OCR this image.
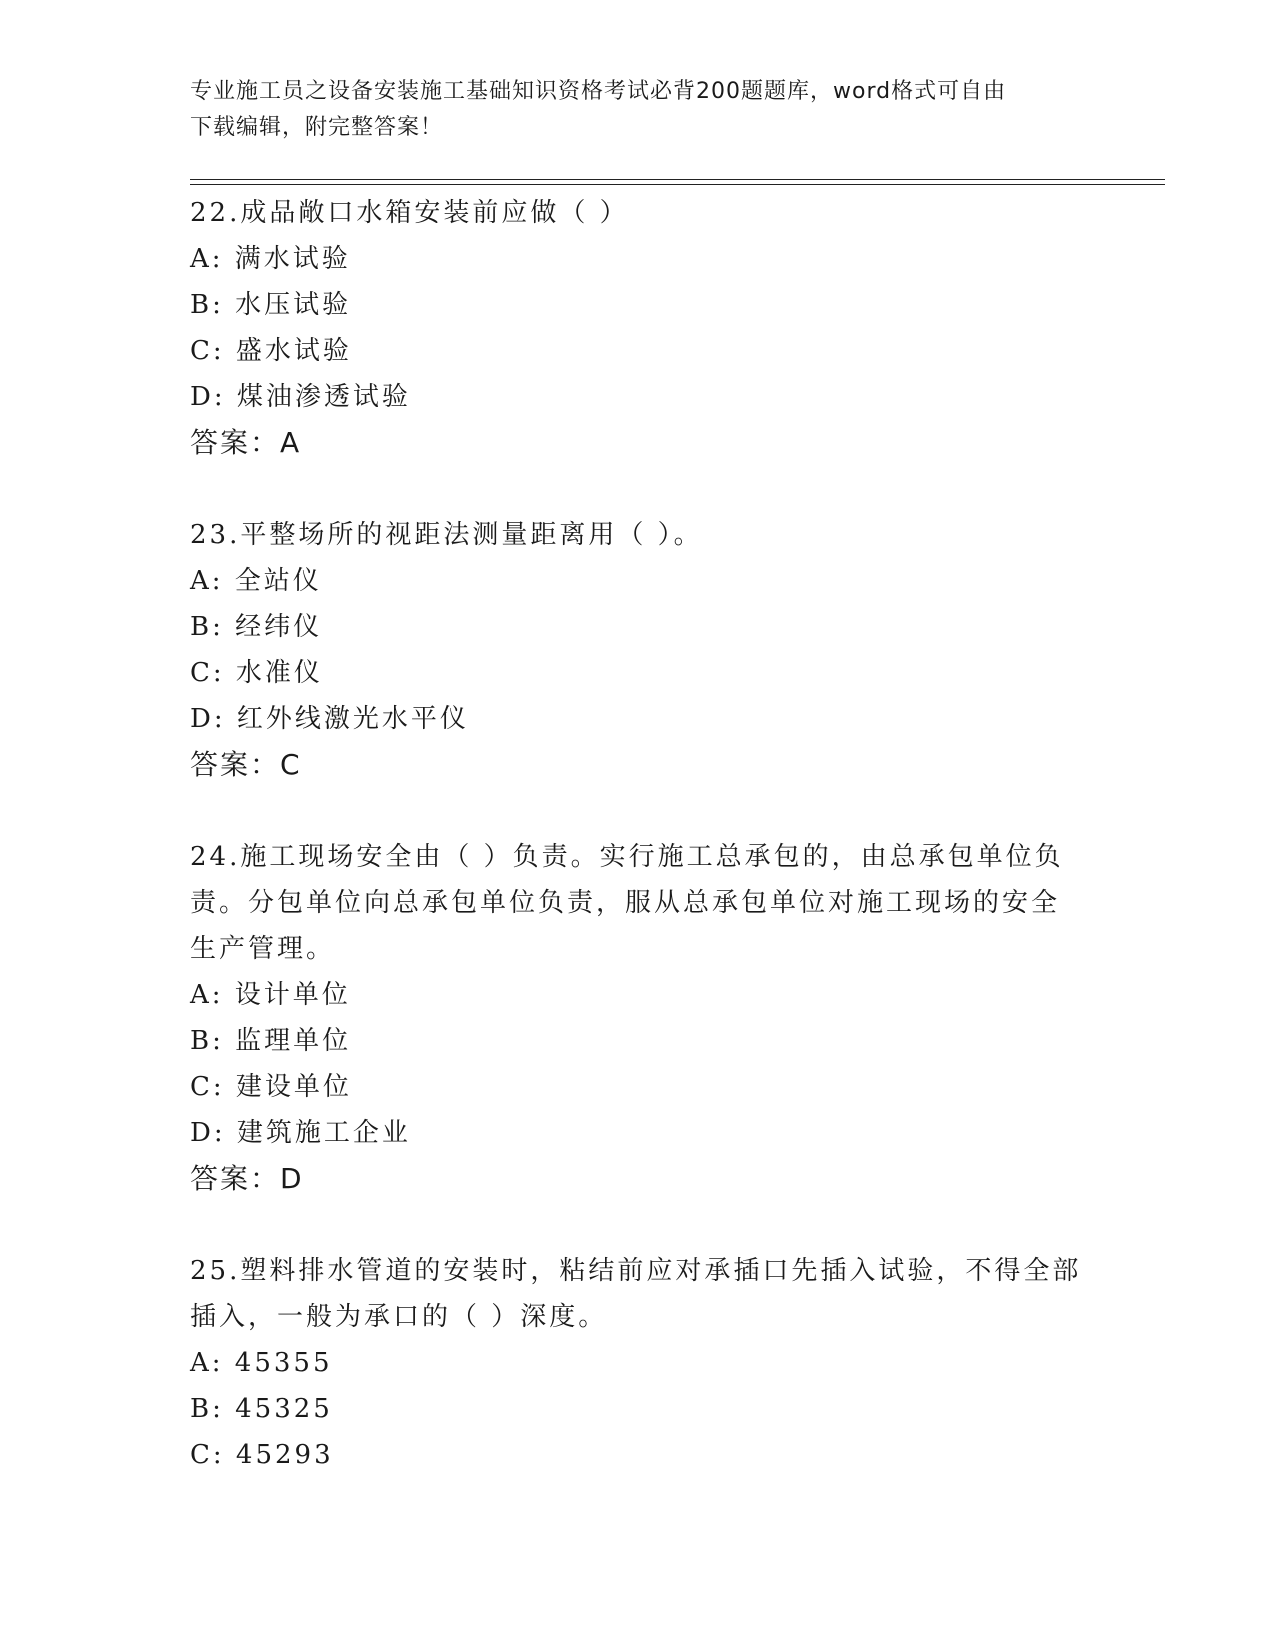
专业施工员之设备安装施工基础知识资格考试必背200题题库，word格式可自由
下载编辑，附完整答案！
22.成品敞口水箱安装前应做（ ）
A: 满水试验
B: 水压试验
C: 盛水试验
D: 煤油渗透试验
答案：A
23.平整场所的视距法测量距离用（ ）。
A: 全站仪
B: 经纬仪
C: 水准仪
D: 红外线激光水平仪
答案：C
24.施工现场安全由（ ）负责。实行施工总承包的，由总承包单位负
责。分包单位向总承包单位负责，服从总承包单位对施工现场的安全
生产管理。
A: 设计单位
B: 监理单位
C: 建设单位
D: 建筑施工企业
答案：D
25.塑料排水管道的安装时，粘结前应对承插口先插入试验，不得全部
插入，一般为承口的（ ）深度。
A: 45355
B: 45325
C: 45293
